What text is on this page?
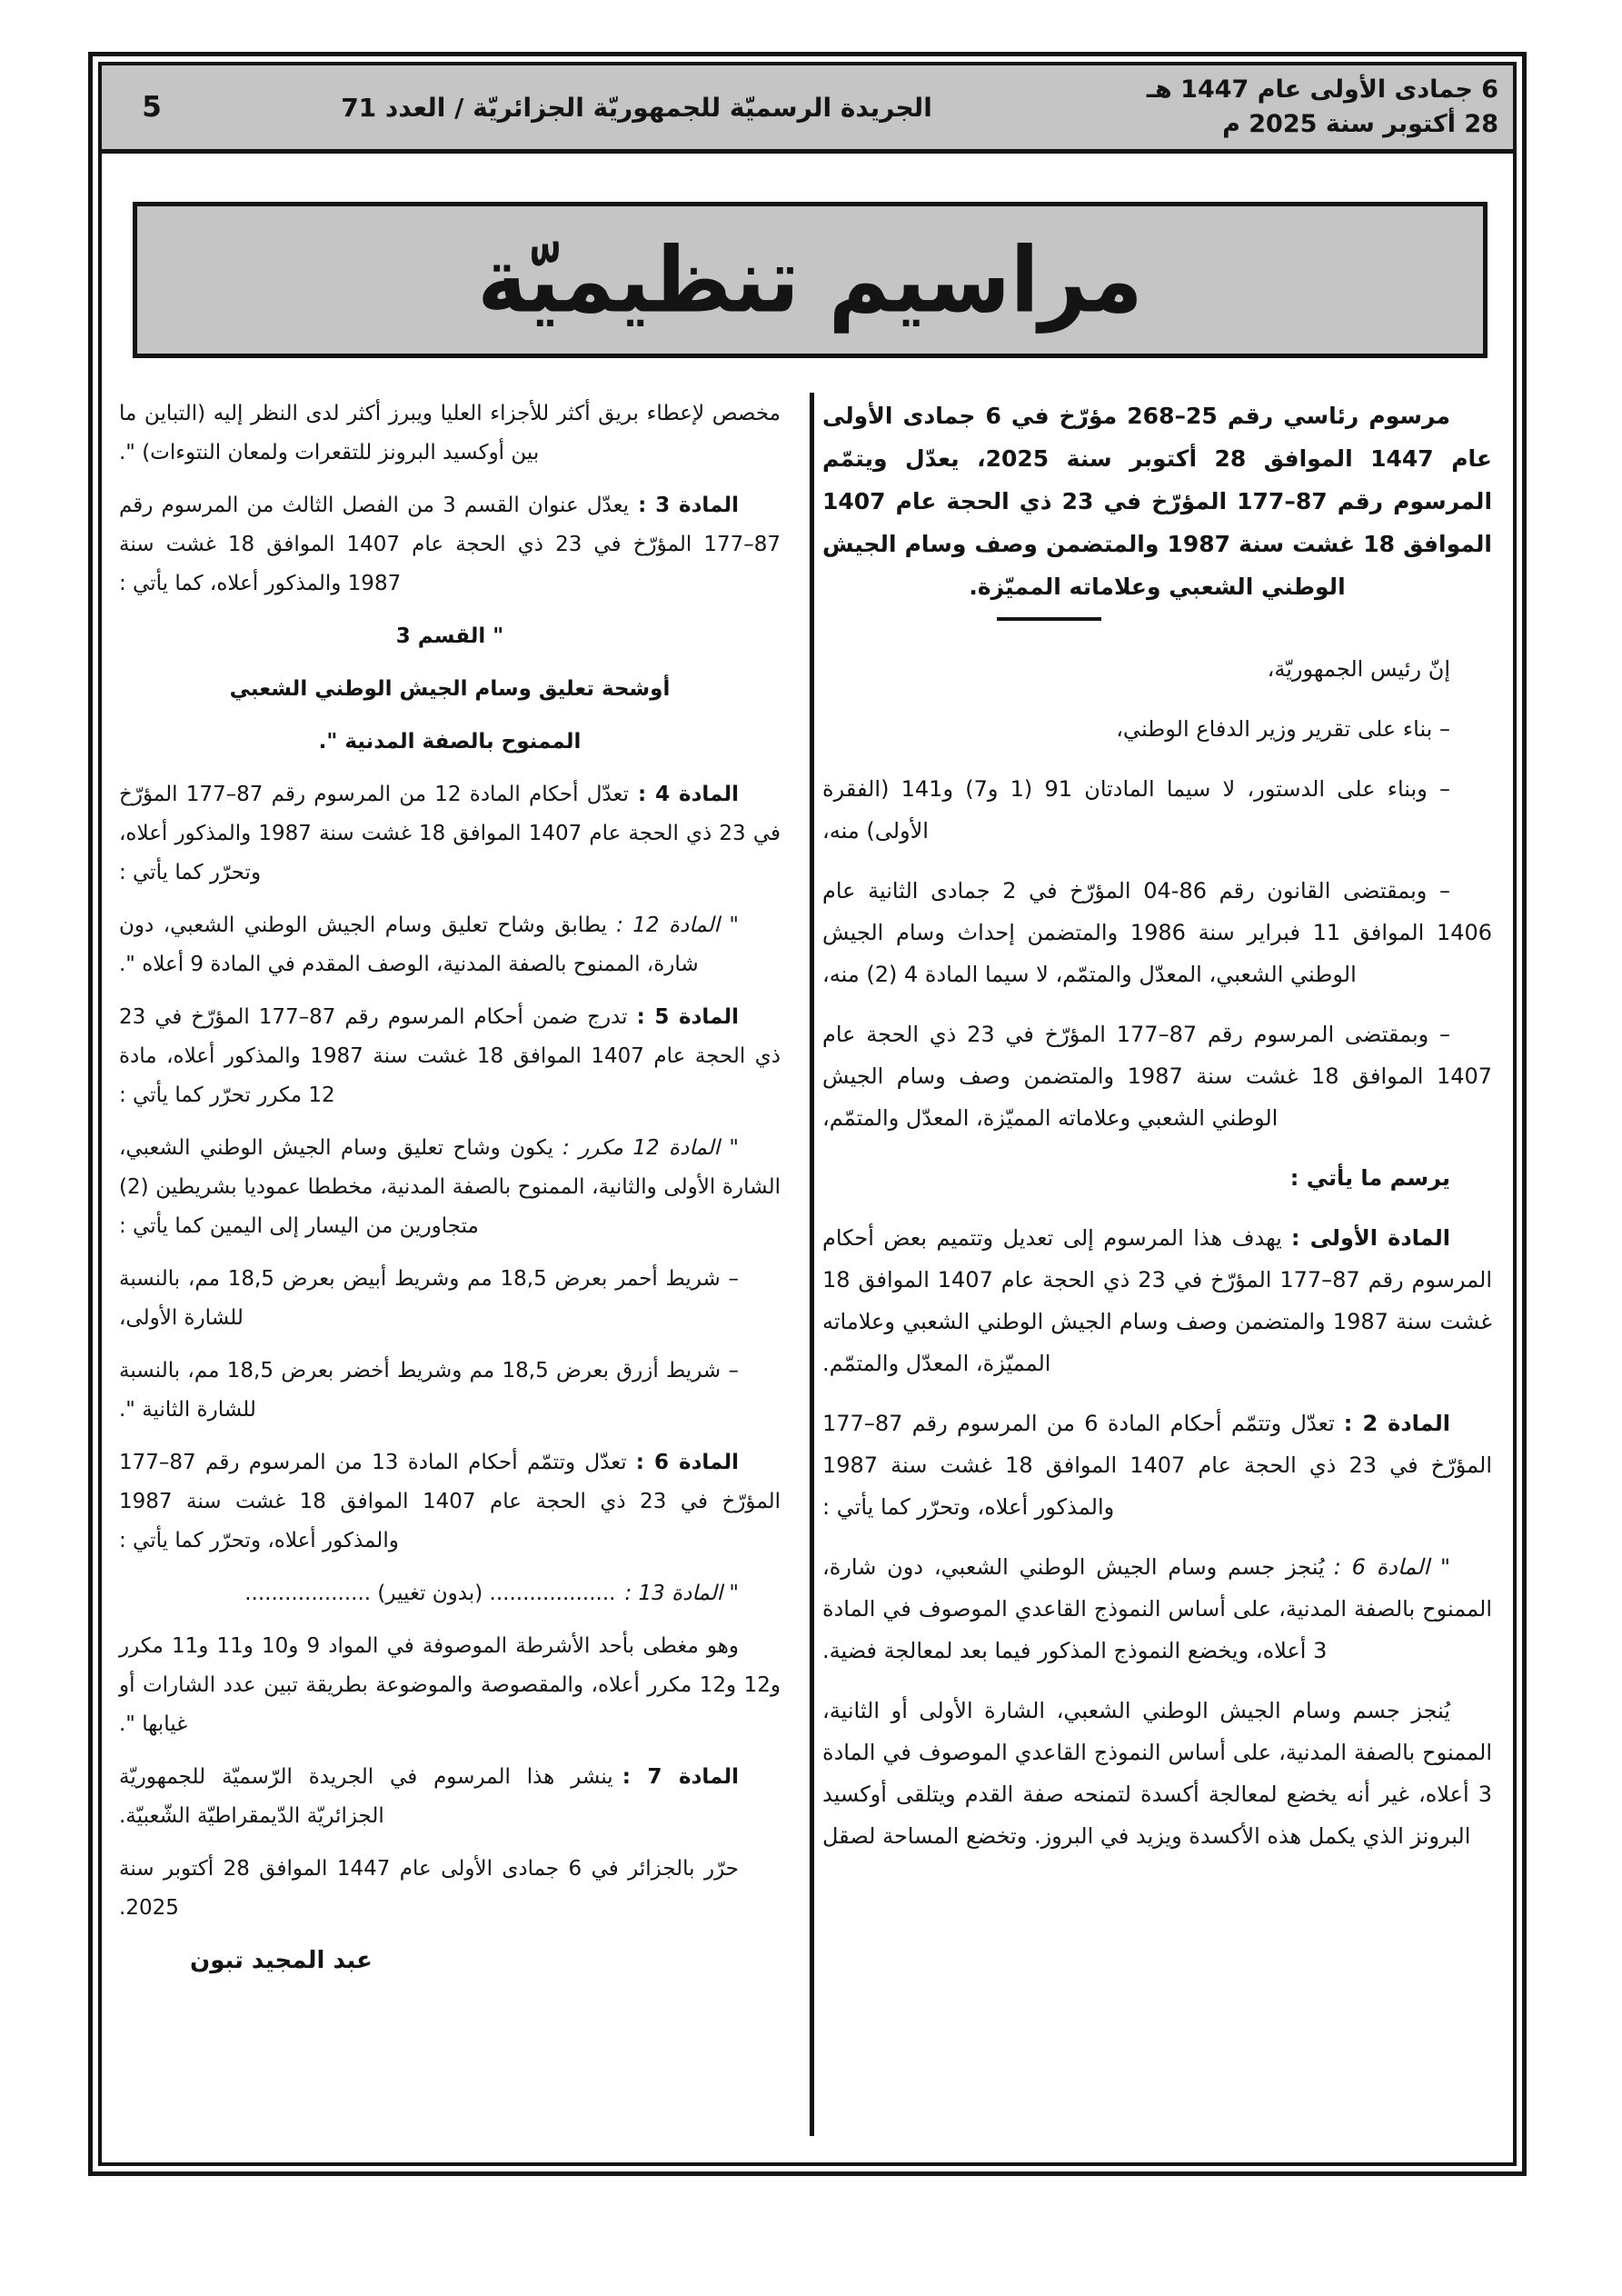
6 جمادى الأولى عام 1447 هـ
28 أكتوبر سنة 2025 م
الجريدة الرسميّة للجمهوريّة الجزائريّة / العدد 71
5
مراسيم تنظيميّة

مرسوم رئاسي رقم 25–268 مؤرّخ في 6 جمادى الأولى عام 1447 الموافق 28 أكتوبر سنة 2025، يعدّل ويتمّم المرسوم رقم 87–177 المؤرّخ في 23 ذي الحجة عام 1407 الموافق 18 غشت سنة 1987 والمتضمن وصف وسام الجيش الوطني الشعبي وعلاماته المميّزة.

إنّ رئيس الجمهوريّة،

– بناء على تقرير وزير الدفاع الوطني،

– وبناء على الدستور، لا سيما المادتان 91 (1 و7) و141 (الفقرة الأولى) منه،

– وبمقتضى القانون رقم 86-04 المؤرّخ في 2 جمادى الثانية عام 1406 الموافق 11 فبراير سنة 1986 والمتضمن إحداث وسام الجيش الوطني الشعبي، المعدّل والمتمّم، لا سيما المادة 4 (2) منه،

– وبمقتضى المرسوم رقم 87–177 المؤرّخ في 23 ذي الحجة عام 1407 الموافق 18 غشت سنة 1987 والمتضمن وصف وسام الجيش الوطني الشعبي وعلاماته المميّزة، المعدّل والمتمّم،

يرسم ما يأتي :

المادة الأولى :يهدف هذا المرسوم إلى تعديل وتتميم بعض أحكام المرسوم رقم 87–177 المؤرّخ في 23 ذي الحجة عام 1407 الموافق 18 غشت سنة 1987 والمتضمن وصف وسام الجيش الوطني الشعبي وعلاماته المميّزة، المعدّل والمتمّم.

المادة 2 :تعدّل وتتمّم أحكام المادة 6 من المرسوم رقم 87–177 المؤرّخ في 23 ذي الحجة عام 1407 الموافق 18 غشت سنة 1987 والمذكور أعلاه، وتحرّر كما يأتي :

" المادة 6 :يُنجز جسم وسام الجيش الوطني الشعبي، دون شارة، الممنوح بالصفة المدنية، على أساس النموذج القاعدي الموصوف في المادة 3 أعلاه، ويخضع النموذج المذكور فيما بعد لمعالجة فضية.

يُنجز جسم وسام الجيش الوطني الشعبي، الشارة الأولى أو الثانية، الممنوح بالصفة المدنية، على أساس النموذج القاعدي الموصوف في المادة 3 أعلاه، غير أنه يخضع لمعالجة أكسدة لتمنحه صفة القدم ويتلقى أوكسيد البرونز الذي يكمل هذه الأكسدة ويزيد في البروز. وتخضع المساحة لصقل

مخصص لإعطاء بريق أكثر للأجزاء العليا ويبرز أكثر لدى النظر إليه (التباين ما بين أوكسيد البرونز للتقعرات ولمعان النتوءات) ".

المادة 3 :يعدّل عنوان القسم 3 من الفصل الثالث من المرسوم رقم 87–177 المؤرّخ في 23 ذي الحجة عام 1407 الموافق 18 غشت سنة 1987 والمذكور أعلاه، كما يأتي :

" القسم 3

أوشحة تعليق وسام الجيش الوطني الشعبي

الممنوح بالصفة المدنية ".

المادة 4 :تعدّل أحكام المادة 12 من المرسوم رقم 87–177 المؤرّخ في 23 ذي الحجة عام 1407 الموافق 18 غشت سنة 1987 والمذكور أعلاه، وتحرّر كما يأتي :

" المادة 12 :يطابق وشاح تعليق وسام الجيش الوطني الشعبي، دون شارة، الممنوح بالصفة المدنية، الوصف المقدم في المادة 9 أعلاه ".

المادة 5 :تدرج ضمن أحكام المرسوم رقم 87–177 المؤرّخ في 23 ذي الحجة عام 1407 الموافق 18 غشت سنة 1987 والمذكور أعلاه، مادة 12 مكرر تحرّر كما يأتي :

" المادة 12 مكرر :يكون وشاح تعليق وسام الجيش الوطني الشعبي، الشارة الأولى والثانية، الممنوح بالصفة المدنية، مخططا عموديا بشريطين (2) متجاورين من اليسار إلى اليمين كما يأتي :

– شريط أحمر بعرض 18,5 مم وشريط أبيض بعرض 18,5 مم، بالنسبة للشارة الأولى،

– شريط أزرق بعرض 18,5 مم وشريط أخضر بعرض 18,5 مم، بالنسبة للشارة الثانية ".

المادة 6 :تعدّل وتتمّم أحكام المادة 13 من المرسوم رقم 87–177 المؤرّخ في 23 ذي الحجة عام 1407 الموافق 18 غشت سنة 1987 والمذكور أعلاه، وتحرّر كما يأتي :

" المادة 13 :................... (بدون تغيير) ...................

وهو مغطى بأحد الأشرطة الموصوفة في المواد 9 و10 و11 و11 مكرر و12 و12 مكرر أعلاه، والمقصوصة والموضوعة بطريقة تبين عدد الشارات أو غيابها ".

المادة 7 :ينشر هذا المرسوم في الجريدة الرّسميّة للجمهوريّة الجزائريّة الدّيمقراطيّة الشّعبيّة.

حرّر بالجزائر في 6 جمادى الأولى عام 1447 الموافق 28 أكتوبر سنة 2025.

عبد المجيد تبون
